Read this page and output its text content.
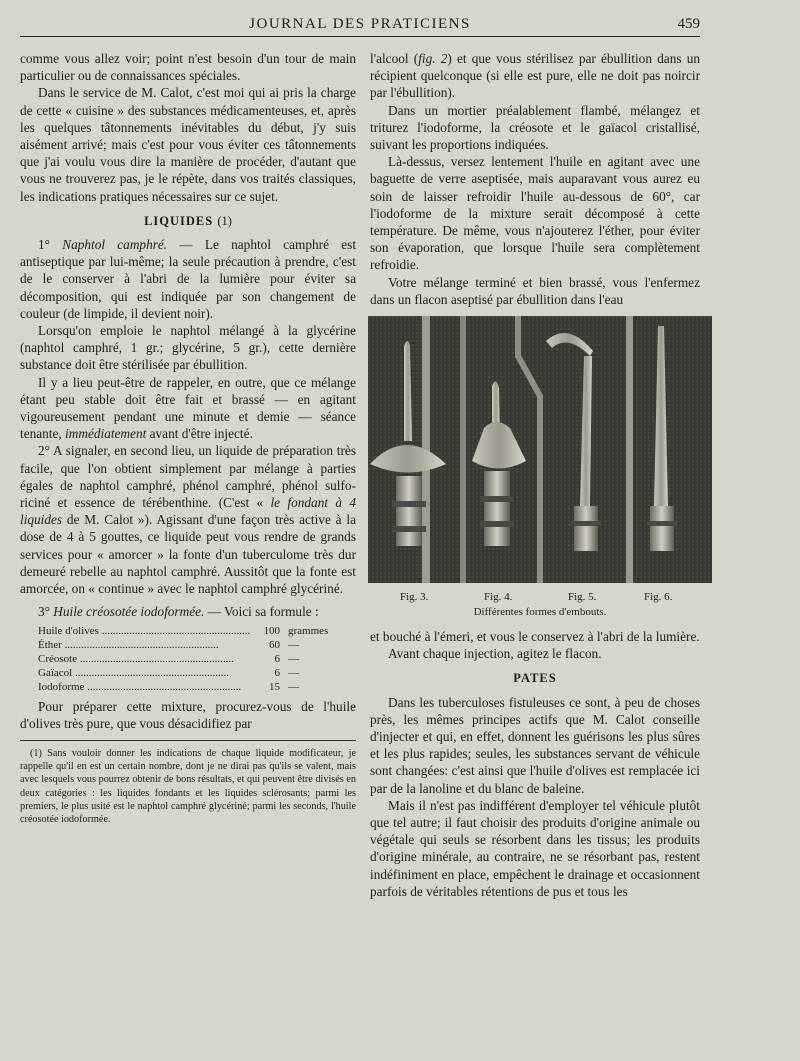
JOURNAL DES PRATICIENS	459

comme vous allez voir; point n'est besoin d'un tour de main particulier ou de connaissances spéciales.

Dans le service de M. Calot, c'est moi qui ai pris la charge de cette « cuisine » des substances médicamenteuses, et, après les quelques tâtonnements inévitables du début, j'y suis aisément arrivé; mais c'est pour vous éviter ces tâtonnements que j'ai voulu vous dire la manière de procéder, d'autant que vous ne trouverez pas, je le répète, dans vos traités classiques, les indications pratiques nécessaires sur ce sujet.

LIQUIDES (1)

1° Naphtol camphré. — Le naphtol camphré est antiseptique par lui-même; la seule précaution à prendre, c'est de le conserver à l'abri de la lumière pour éviter sa décomposition, qui est indiquée par son changement de couleur (de limpide, il devient noir).

Lorsqu'on emploie le naphtol mélangé à la glycérine (naphtol camphré, 1 gr.; glycérine, 5 gr.), cette dernière substance doit être stérilisée par ébullition.

Il y a lieu peut-être de rappeler, en outre, que ce mélange étant peu stable doit être fait et brassé — en agitant vigoureusement pendant une minute et demie — séance tenante, immédiatement avant d'être injecté.

2° A signaler, en second lieu, un liquide de préparation très facile, que l'on obtient simplement par mélange à parties égales de naphtol camphré, phénol camphré, phénol sulfo-riciné et essence de térébenthine. (C'est « le fondant à 4 liquides de M. Calot »). Agissant d'une façon très active à la dose de 4 à 5 gouttes, ce liquide peut vous rendre de grands services pour « amorcer » la fonte d'un tuberculome très dur demeuré rebelle au naphtol camphré. Aussitôt que la fonte est amorcée, on « continue » avec le naphtol camphré glycériné.

3° Huile créosotée iodoformée. — Voici sa formule :

Huile d'olives .....	100 grammes
Éther .....	60 —
Créosote .....	6 —
Gaïacol .....	6 —
Iodoforme .....	15 —

Pour préparer cette mixture, procurez-vous de l'huile d'olives très pure, que vous désacidifiez par

(1) Sans vouloir donner les indications de chaque liquide modificateur, je rappelle qu'il en est un certain nombre, dont je ne dirai pas qu'ils se valent, mais avec lesquels vous pourrez obtenir de bons résultats, et qui peuvent être divisés en deux catégories : les liquides fondants et les liquides sclérosants; parmi les premiers, le plus usité est le naphtol camphré glycériné; parmi les seconds, l'huile créosotée iodoformée.

l'alcool (fig. 2) et que vous stérilisez par ébullition dans un récipient quelconque (si elle est pure, elle ne doit pas noircir par l'ébullition).

Dans un mortier préalablement flambé, mélangez et triturez l'iodoforme, la créosote et le gaïacol cristallisé, suivant les proportions indiquées.

Là-dessus, versez lentement l'huile en agitant avec une baguette de verre aseptisée, mais auparavant vous aurez eu soin de laisser refroidir l'huile au-dessous de 60°, car l'iodoforme de la mixture serait décomposé à cette température. De même, vous n'ajouterez l'éther, pour éviter son évaporation, que lorsque l'huile sera complètement refroidie.

Votre mélange terminé et bien brassé, vous l'enfermez dans un flacon aseptisé par ébullition dans l'eau

Fig. 3.	Fig. 4.	Fig. 5.	Fig. 6.
Différentes formes d'embouts.

et bouché à l'émeri, et vous le conservez à l'abri de la lumière.

Avant chaque injection, agitez le flacon.

PATES

Dans les tuberculoses fistuleuses ce sont, à peu de choses près, les mêmes principes actifs que M. Calot conseille d'injecter et qui, en effet, donnent les guérisons les plus sûres et les plus rapides; seules, les substances servant de véhicule sont changées: c'est ainsi que l'huile d'olives est remplacée ici par de la lanoline et du blanc de baleine.

Mais il n'est pas indifférent d'employer tel véhicule plutôt que tel autre; il faut choisir des produits d'origine animale ou végétale qui seuls se résorbent dans les tissus; les produits d'origine minérale, au contraire, ne se résorbant pas, restent indéfiniment en place, empêchent le drainage et occasionnent parfois de véritables rétentions de pus et tous les
